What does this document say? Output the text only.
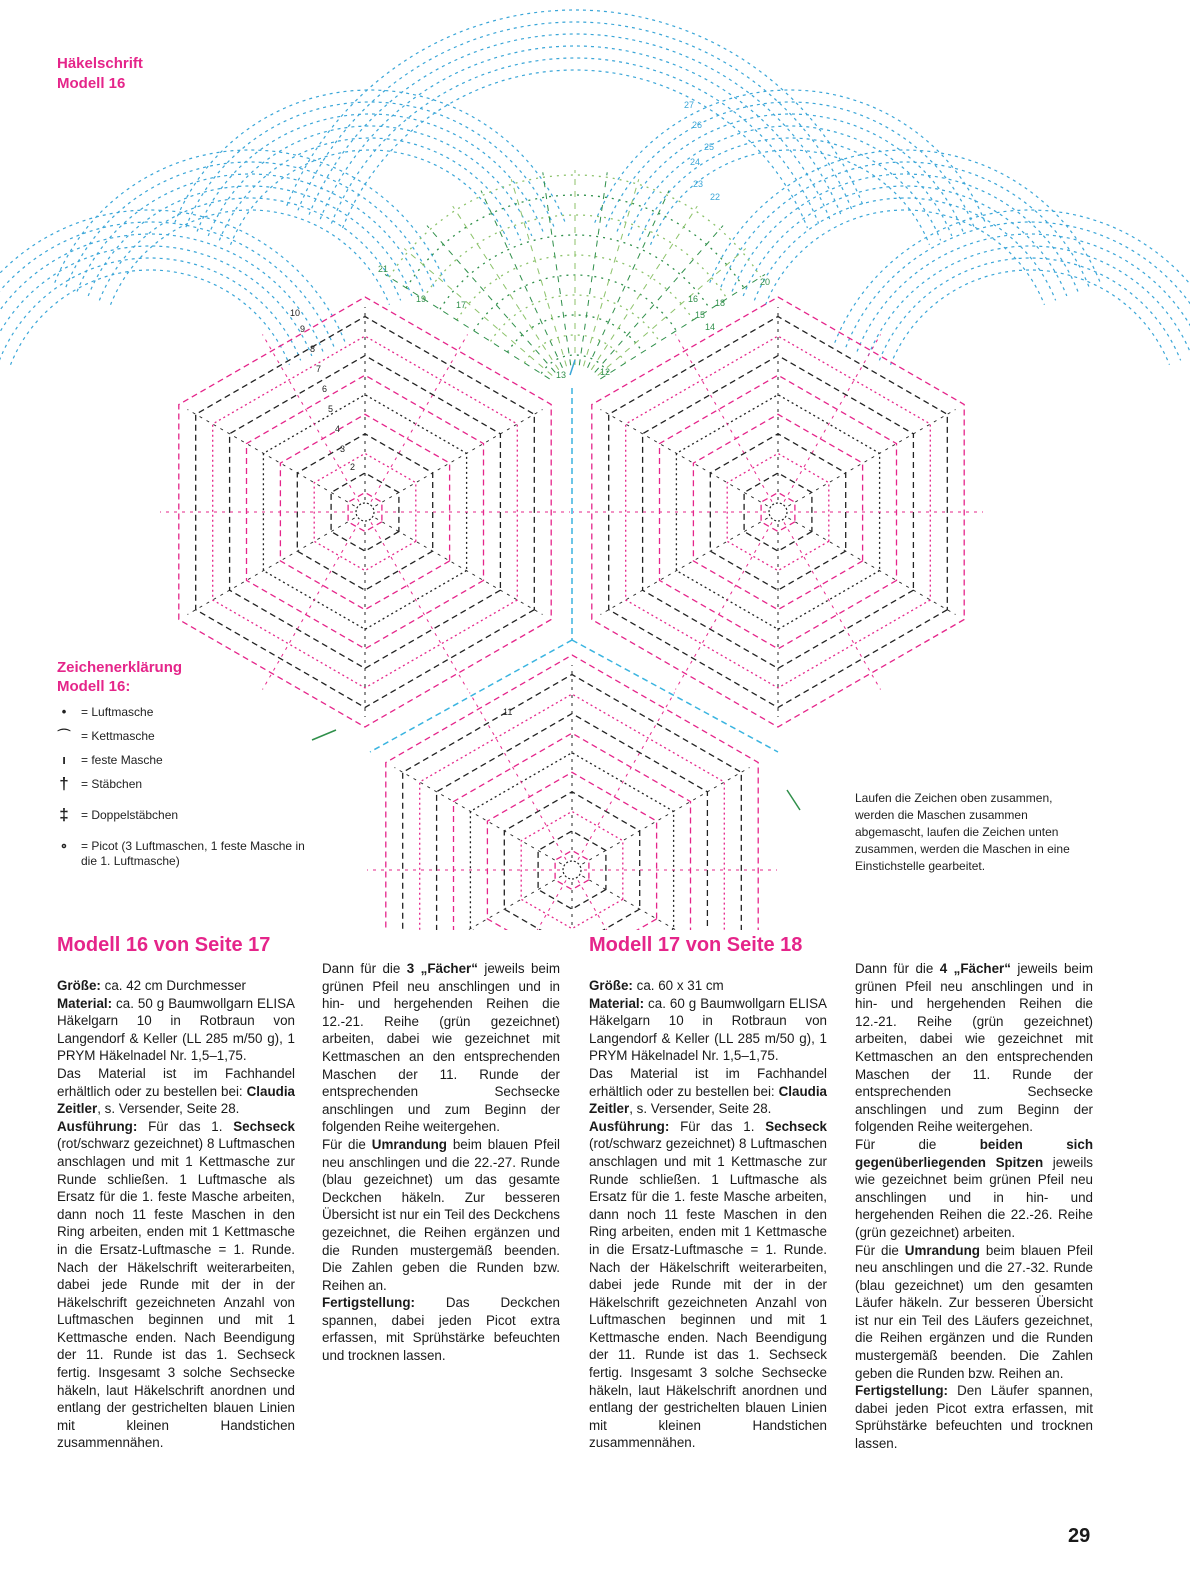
Häkelschrift
Modell 16
2
3
4
5
6
7
8
9
10
11
12
13
14
15
16
17	18
19
20
21
22
23
24
25
26
27
Zeichenerklärung
Modell 16:
•	= Luftmasche
⌒ = Kettmasche
ı	= feste Masche
† = Stäbchen
‡ = Doppelstäbchen
∘ = Picot (3 Luftmaschen, 1 feste Masche in die 1. Luftmasche)
Laufen die Zeichen oben zusammen, werden die Maschen zusammen abgemascht, laufen die Zeichen unten zusammen, werden die Maschen in eine Einstichstelle gearbeitet.
Modell 16 von Seite 17

Größe: ca. 42 cm Durchmesser

Material: ca. 50 g Baumwollgarn ELISA Häkelgarn 10 in Rotbraun von Langendorf & Keller (LL 285 m/50 g), 1 PRYM Häkelnadel Nr. 1,5–1,75.

Das Material ist im Fachhandel erhältlich oder zu bestellen bei: Claudia Zeitler, s. Versender, Seite 28.

Ausführung: Für das 1. Sechseck (rot/schwarz gezeichnet) 8 Luftmaschen anschlagen und mit 1 Kettmasche zur Runde schließen. 1 Luftmasche als Ersatz für die 1. feste Masche arbeiten, dann noch 11 feste Maschen in den Ring arbeiten, enden mit 1 Kettmasche in die Ersatz-Luftmasche = 1. Runde. Nach der Häkelschrift weiterarbeiten, dabei jede Runde mit der in der Häkelschrift gezeichneten Anzahl von Luftmaschen beginnen und mit 1 Kettmasche enden. Nach Beendigung der 11. Runde ist das 1. Sechseck fertig. Insgesamt 3 solche Sechsecke häkeln, laut Häkelschrift anordnen und entlang der gestrichelten blauen Linien mit kleinen Handstichen zusammennähen.

Dann für die 3 „Fächer“ jeweils beim grünen Pfeil neu anschlingen und in hin- und hergehenden Reihen die 12.-21. Reihe (grün gezeichnet) arbeiten, dabei wie gezeichnet mit Kettmaschen an den entsprechenden Maschen der 11. Runde der entsprechenden Sechsecke anschlingen und zum Beginn der folgenden Reihe weitergehen.

Für die Umrandung beim blauen Pfeil neu anschlingen und die 22.-27. Runde (blau gezeichnet) um das gesamte Deckchen häkeln. Zur besseren Übersicht ist nur ein Teil des Deckchens gezeichnet, die Reihen ergänzen und die Runden mustergemäß beenden. Die Zahlen geben die Runden bzw. Reihen an.

Fertigstellung: Das Deckchen spannen, dabei jeden Picot extra erfassen, mit Sprühstärke befeuchten und trocknen lassen.

Modell 17 von Seite 18

Größe: ca. 60 x 31 cm

Material: ca. 60 g Baumwollgarn ELISA Häkelgarn 10 in Rotbraun von Langendorf & Keller (LL 285 m/50 g), 1 PRYM Häkelnadel Nr. 1,5–1,75.

Das Material ist im Fachhandel erhältlich oder zu bestellen bei: Claudia Zeitler, s. Versender, Seite 28.

Ausführung: Für das 1. Sechseck (rot/schwarz gezeichnet) 8 Luftmaschen anschlagen und mit 1 Kettmasche zur Runde schließen. 1 Luftmasche als Ersatz für die 1. feste Masche arbeiten, dann noch 11 feste Maschen in den Ring arbeiten, enden mit 1 Kettmasche in die Ersatz-Luftmasche = 1. Runde. Nach der Häkelschrift weiterarbeiten, dabei jede Runde mit der in der Häkelschrift gezeichneten Anzahl von Luftmaschen beginnen und mit 1 Kettmasche enden. Nach Beendigung der 11. Runde ist das 1. Sechseck fertig. Insgesamt 3 solche Sechsecke häkeln, laut Häkelschrift anordnen und entlang der gestrichelten blauen Linien mit kleinen Handstichen zusammennähen.

Dann für die 4 „Fächer“ jeweils beim grünen Pfeil neu anschlingen und in hin- und hergehenden Reihen die 12.-21. Reihe (grün gezeichnet) arbeiten, dabei wie gezeichnet mit Kettmaschen an den entsprechenden Maschen der 11. Runde der entsprechenden Sechsecke anschlingen und zum Beginn der folgenden Reihe weitergehen.

Für die beiden sich gegenüberliegenden Spitzen jeweils wie gezeichnet beim grünen Pfeil neu anschlingen und in hin- und hergehenden Reihen die 22.-26. Reihe (grün gezeichnet) arbeiten.

Für die Umrandung beim blauen Pfeil neu anschlingen und die 27.-32. Runde (blau gezeichnet) um den gesamten Läufer häkeln. Zur besseren Übersicht ist nur ein Teil des Läufers gezeichnet, die Reihen ergänzen und die Runden mustergemäß beenden. Die Zahlen geben die Runden bzw. Reihen an.

Fertigstellung: Den Läufer spannen, dabei jeden Picot extra erfassen, mit Sprühstärke befeuchten und trocknen lassen.

29
